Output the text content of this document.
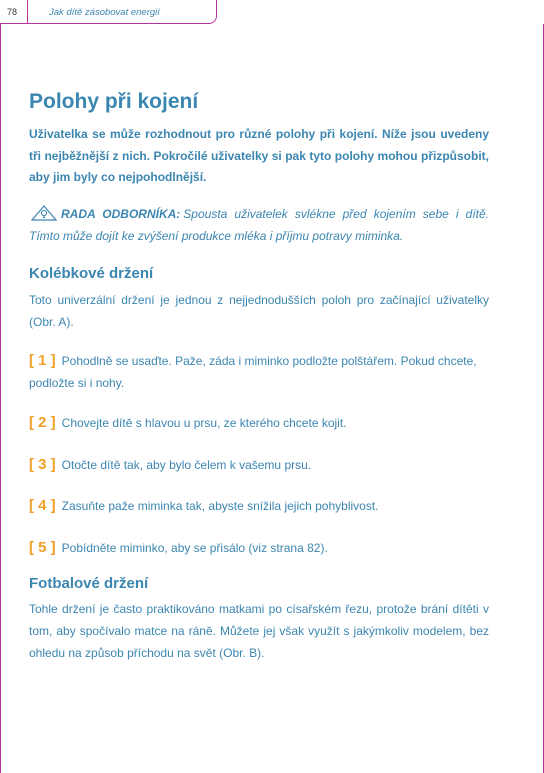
78	Jak dítě zásobovat energií
Polohy při kojení

Uživatelka se může rozhodnout pro různé polohy při kojení. Níže jsou uvedeny tři nejběžnější z nich. Pokročilé uživatelky si pak tyto polohy mohou přizpůsobit, aby jim byly co nejpohodlnější.

RADA ODBORNÍKA: Spousta uživatelek svlékne před kojením sebe i dítě. Tímto může dojít ke zvýšení produkce mléka i příjmu potravy miminka.

Kolébkové držení

Toto univerzální držení je jednou z nejjednodušších poloh pro začínající uživatelky (Obr. A).

[ 1 ] Pohodlně se usaďte. Paže, záda i miminko podložte polštářem. Pokud chcete, podložte si i nohy.

[ 2 ] Chovejte dítě s hlavou u prsu, ze kterého chcete kojit.

[ 3 ] Otočte dítě tak, aby bylo čelem k vašemu prsu.

[ 4 ] Zasuňte paže miminka tak, abyste snížila jejich pohyblivost.

[ 5 ] Pobídněte miminko, aby se přisálo (viz strana 82).

Fotbalové držení

Tohle držení je často praktikováno matkami po císařském řezu, protože brání dítěti v tom, aby spočívalo matce na ráně. Můžete jej však využít s jakýmkoliv modelem, bez ohledu na způsob příchodu na svět (Obr. B).
